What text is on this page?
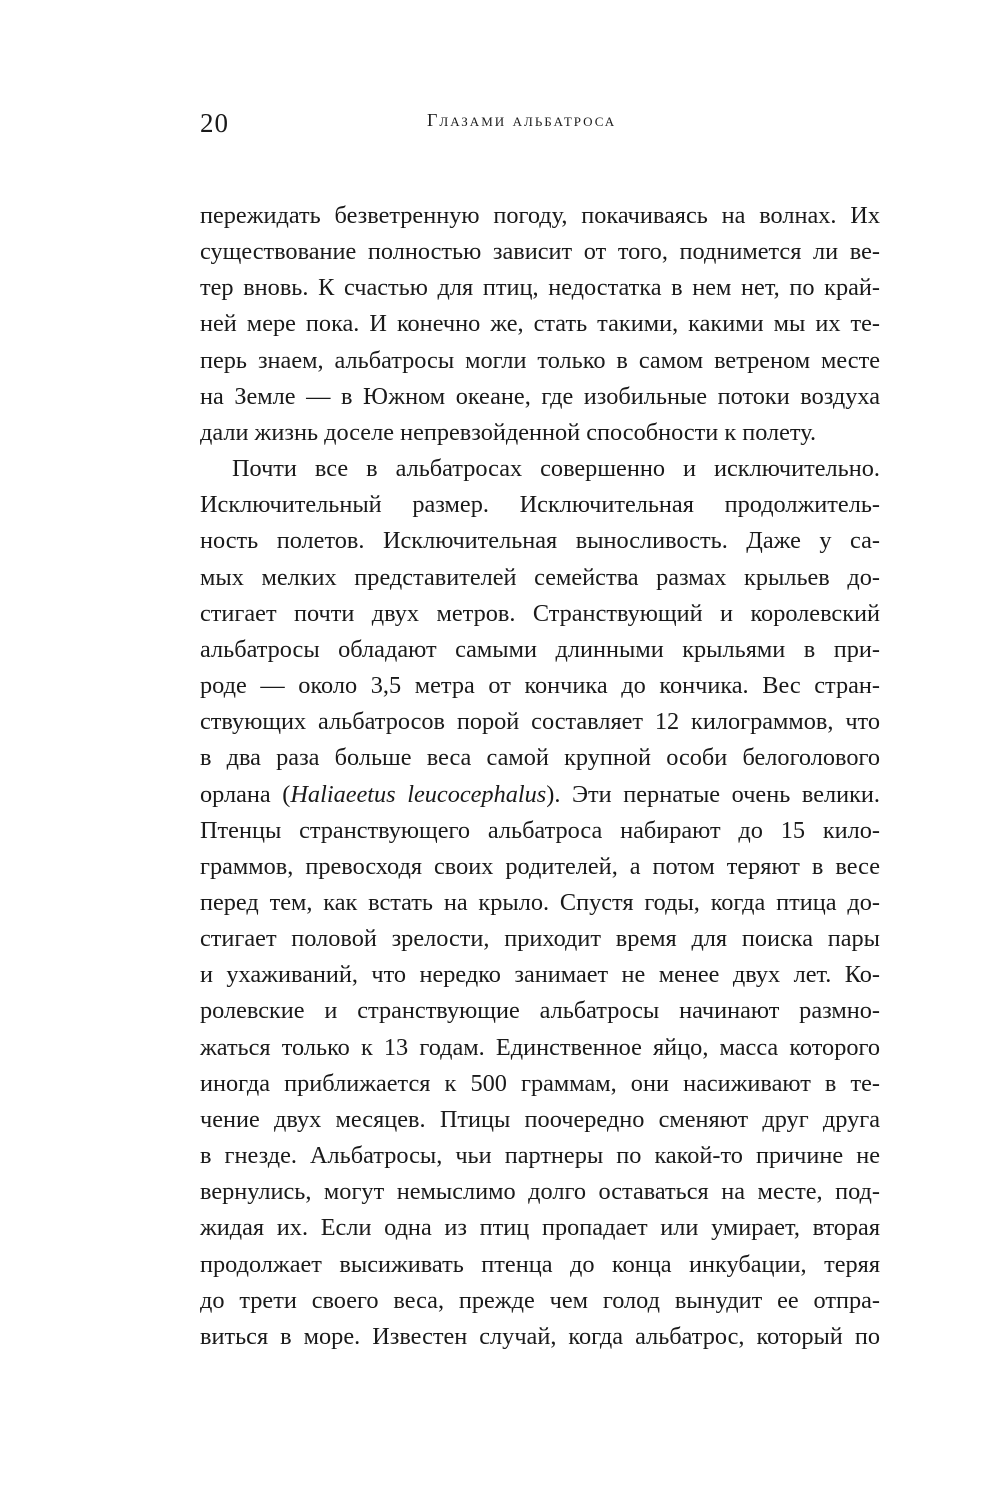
20	Глазами альбатроса
пережидать безветренную погоду, покачиваясь на волнах. Их
существование полностью зависит от того, поднимется ли ве-
тер вновь. К счастью для птиц, недостатка в нем нет, по край-
ней мере пока. И конечно же, стать такими, какими мы их те-
перь знаем, альбатросы могли только в самом ветреном месте
на Земле — в Южном океане, где изобильные потоки воздуха
дали жизнь доселе непревзойденной способности к полету.
Почти все в альбатросах совершенно и исключительно.
Исключительный размер. Исключительная продолжитель-
ность полетов. Исключительная выносливость. Даже у са-
мых мелких представителей семейства размах крыльев до-
стигает почти двух метров. Странствующий и королевский
альбатросы обладают самыми длинными крыльями в при-
роде — около 3,5 метра от кончика до кончика. Вес стран-
ствующих альбатросов порой составляет 12 килограммов, что
в два раза больше веса самой крупной особи белоголового
орлана (Haliaeetus leucocephalus). Эти пернатые очень велики.
Птенцы странствующего альбатроса набирают до 15 кило-
граммов, превосходя своих родителей, а потом теряют в весе
перед тем, как встать на крыло. Спустя годы, когда птица до-
стигает половой зрелости, приходит время для поиска пары
и ухаживаний, что нередко занимает не менее двух лет. Ко-
ролевские и странствующие альбатросы начинают размно-
жаться только к 13 годам. Единственное яйцо, масса которого
иногда приближается к 500 граммам, они насиживают в те-
чение двух месяцев. Птицы поочередно сменяют друг друга
в гнезде. Альбатросы, чьи партнеры по какой-то причине не
вернулись, могут немыслимо долго оставаться на месте, под-
жидая их. Если одна из птиц пропадает или умирает, вторая
продолжает высиживать птенца до конца инкубации, теряя
до трети своего веса, прежде чем голод вынудит ее отпра-
виться в море. Известен случай, когда альбатрос, который по
